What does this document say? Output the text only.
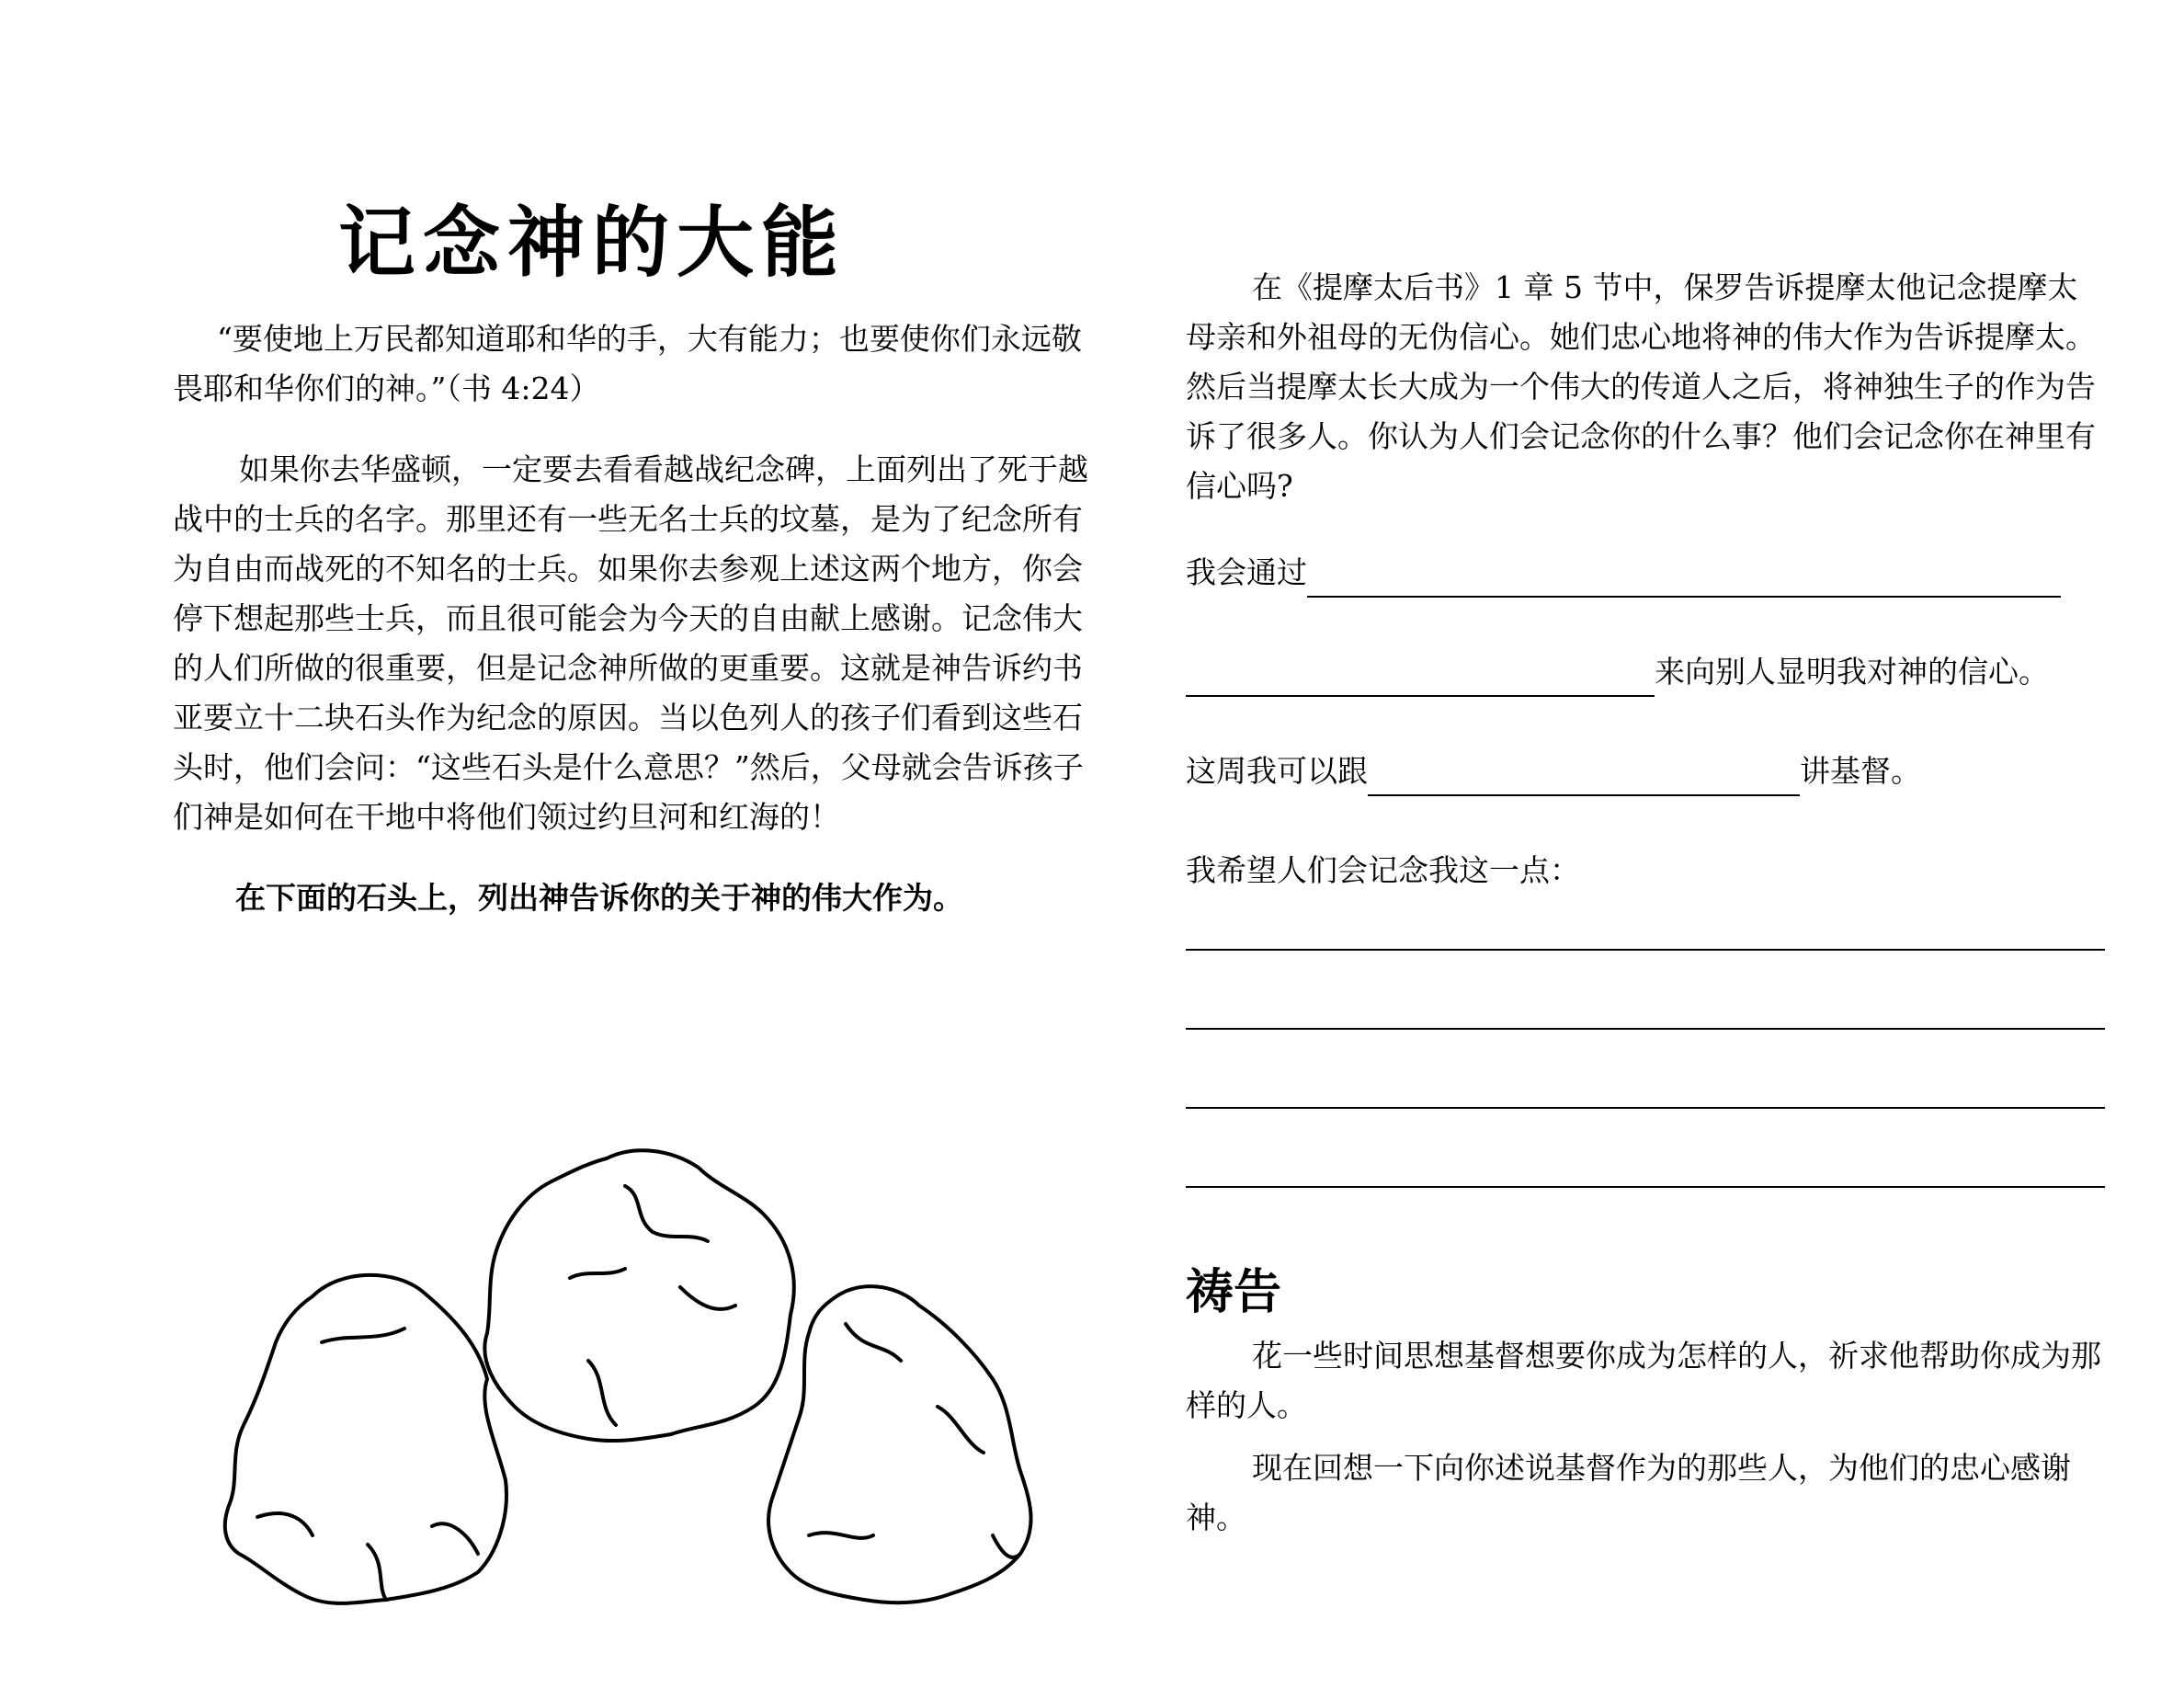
记念神的大能

“要使地上万民都知道耶和华的手，大有能力；也要使你们永远敬畏耶和华你们的神。”（书 4:24）

如果你去华盛顿，一定要去看看越战纪念碑，上面列出了死于越战中的士兵的名字。那里还有一些无名士兵的坟墓，是为了纪念所有为自由而战死的不知名的士兵。如果你去参观上述这两个地方，你会停下想起那些士兵，而且很可能会为今天的自由献上感谢。记念伟大的人们所做的很重要，但是记念神所做的更重要。这就是神告诉约书亚要立十二块石头作为纪念的原因。当以色列人的孩子们看到这些石头时，他们会问：“这些石头是什么意思？”然后，父母就会告诉孩子们神是如何在干地中将他们领过约旦河和红海的！

在下面的石头上，列出神告诉你的关于神的伟大作为。

在《提摩太后书》1 章 5 节中，保罗告诉提摩太他记念提摩太母亲和外祖母的无伪信心。她们忠心地将神的伟大作为告诉提摩太。然后当提摩太长大成为一个伟大的传道人之后，将神独生子的作为告诉了很多人。你认为人们会记念你的什么事？他们会记念你在神里有信心吗?

我会通过
来向别人显明我对神的信心。
这周我可以跟	讲基督。

我希望人们会记念我这一点：

祷告

花一些时间思想基督想要你成为怎样的人，祈求他帮助你成为那样的人。

现在回想一下向你述说基督作为的那些人，为他们的忠心感谢神。
